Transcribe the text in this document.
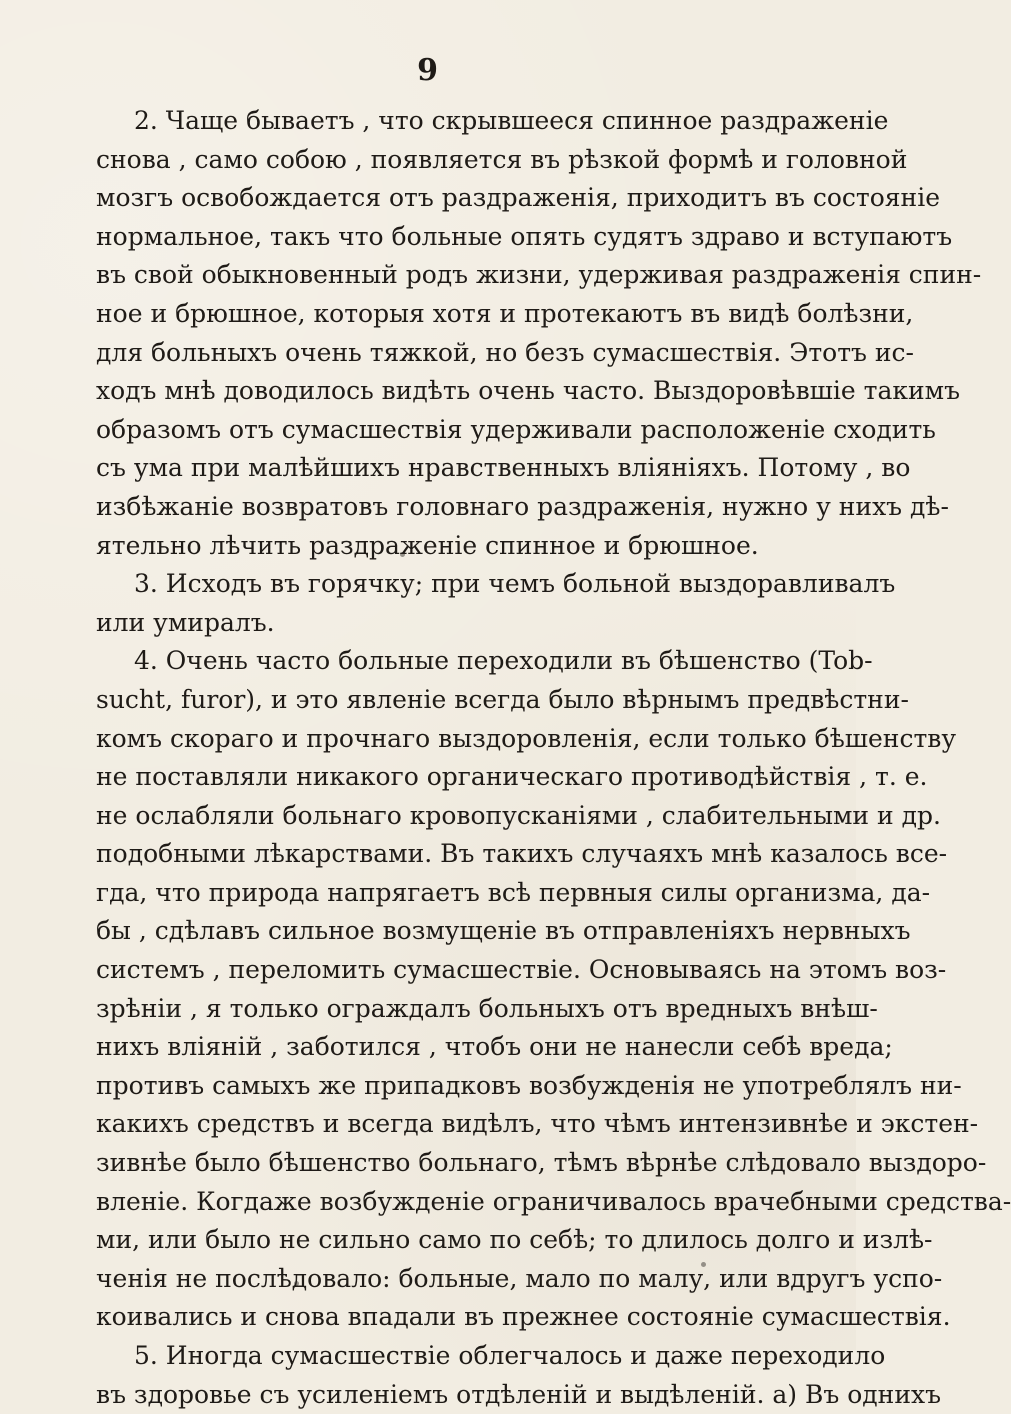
9
2. Чаще бываетъ , что скрывшееся спинное раздраженіе
снова , само собою , появляется въ рѣзкой формѣ и головной
мозгъ освобождается отъ раздраженія, приходитъ въ состояніе
нормальное, такъ что больные опять судятъ здраво и вступаютъ
въ свой обыкновенный родъ жизни, удерживая раздраженія спин-
ное и брюшное, которыя хотя и протекаютъ въ видѣ болѣзни,
для больныхъ очень тяжкой, но безъ сумасшествія. Этотъ ис-
ходъ мнѣ доводилось видѣть очень часто. Выздоровѣвшіе такимъ
образомъ отъ сумасшествія удерживали расположеніе сходить
съ ума при малѣйшихъ нравственныхъ вліяніяхъ. Потому , во
избѣжаніе возвратовъ головнаго раздраженія, нужно у нихъ дѣ-
ятельно лѣчить раздраженіе спинное и брюшное.
3. Исходъ въ горячку; при чемъ больной выздоравливалъ
или умиралъ.
4. Очень часто больные переходили въ бѣшенство (Tob-
sucht, furor), и это явленіе всегда было вѣрнымъ предвѣстни-
комъ скораго и прочнаго выздоровленія, если только бѣшенству
не поставляли никакого органическаго противодѣйствія , т. е.
не ослабляли больнаго кровопусканіями , слабительными и др.
подобными лѣкарствами. Въ такихъ случаяхъ мнѣ казалось все-
гда, что природа напрягаетъ всѣ первныя силы организма, да-
бы , сдѣлавъ сильное возмущеніе въ отправленіяхъ нервныхъ
системъ , переломить сумасшествіе. Основываясь на этомъ воз-
зрѣніи , я только ограждалъ больныхъ отъ вредныхъ внѣш-
нихъ вліяній , заботился , чтобъ они не нанесли себѣ вреда;
противъ самыхъ же припадковъ возбужденія не употреблялъ ни-
какихъ средствъ и всегда видѣлъ, что чѣмъ интензивнѣе и экстен-
зивнѣе было бѣшенство больнаго, тѣмъ вѣрнѣе слѣдовало выздоро-
вленіе. Когдаже возбужденіе ограничивалось врачебными средства-
ми, или было не сильно само по себѣ; то длилось долго и излѣ-
ченія не послѣдовало: больные, мало по малу, или вдругъ успо-
коивались и снова впадали въ прежнее состояніе сумасшествія.
5. Иногда сумасшествіе облегчалось и даже переходило
въ здоровье съ усиленіемъ отдѣленій и выдѣленій. а) Въ однихъ
